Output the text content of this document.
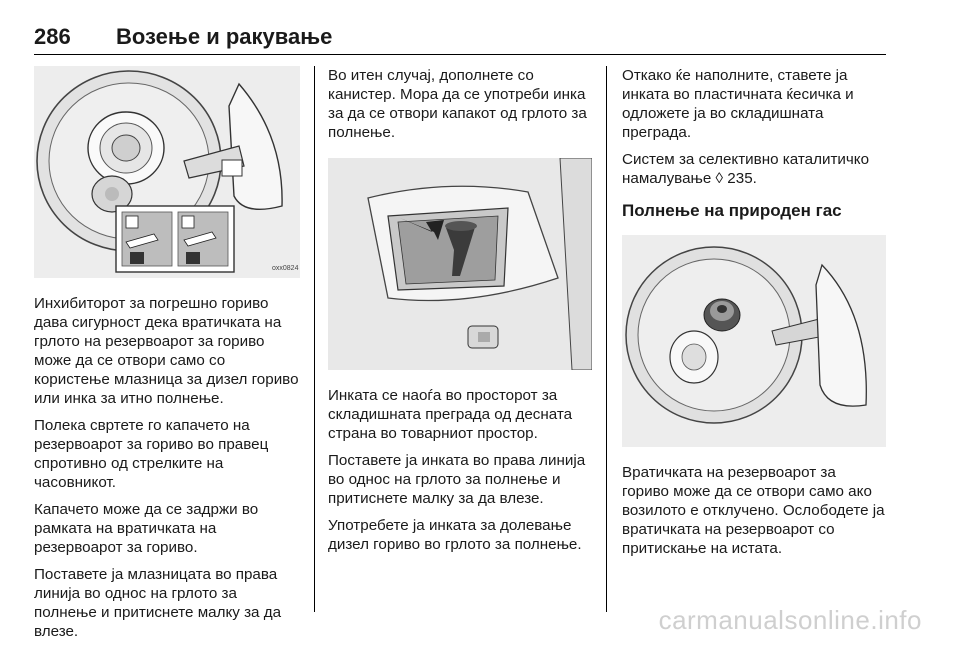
286 Возење и ракување
oxx0824

Инхибиторот за погрешно гориво дава сигурност дека вратичката на грлото на резервоарот за гориво може да се отвори само со користење млазница за дизел гориво или инка за итно полнење.

Полека свртете го капачето на резервоарот за гориво во правец спротивно од стрелките на часовникот.

Капачето може да се задржи во рамката на вратичката на резервоарот за гориво.

Поставете ја млазницата во права линија во однос на грлото за полнење и притиснете малку за да влезе.

Во итен случај, дополнете со канистер. Мора да се употреби инка за да се отвори капакот од грлото за полнење.

Инката се наоѓа во просторот за складишната преграда од десната страна во товарниот простор.

Поставете ја инката во права линија во однос на грлото за полнење и притиснете малку за да влезе.

Употребете ја инката за долевање дизел гориво во грлото за полнење.

Откако ќе наполните, ставете ја инката во пластичната ќесичка и одложете ја во складишната преграда.

Систем за селективно каталитичко намалување ◊ 235.

Полнење на природен гас

Вратичката на резервоарот за гориво може да се отвори само ако возилото е отклучено. Ослободете ја вратичката на резервоарот со притискање на истата.

carmanualsonline.info
